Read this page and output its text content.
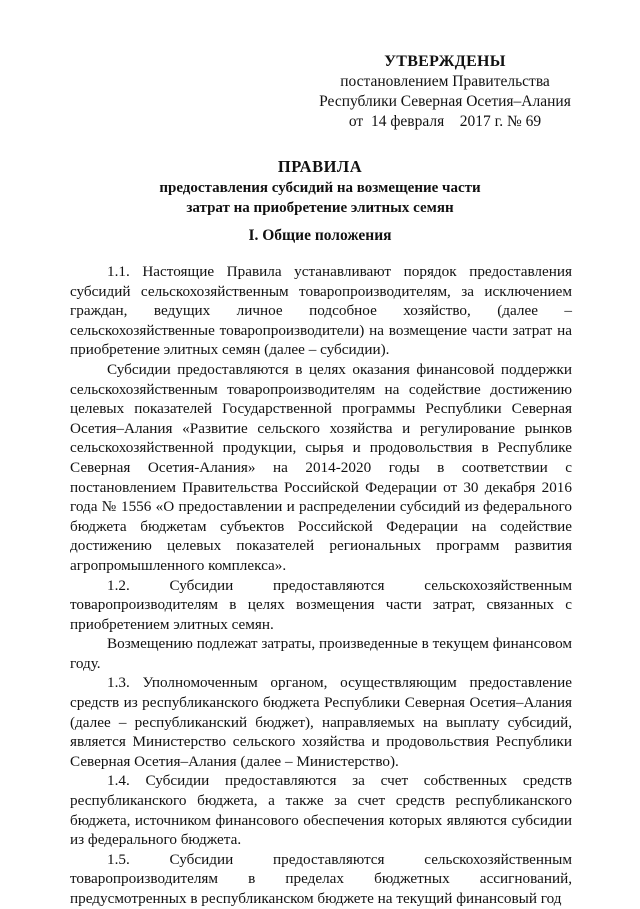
УТВЕРЖДЕНЫ
постановлением Правительства
Республики Северная Осетия–Алания
от  14 февраля    2017 г. № 69
ПРАВИЛА
предоставления субсидий на возмещение части
затрат на приобретение элитных семян
I. Общие положения

1.1. Настоящие Правила устанавливают порядок предоставления субсидий сельскохозяйственным товаропроизводителям, за исключением граждан, ведущих личное подсобное хозяйство, (далее – сельскохозяйственные товаропроизводители) на возмещение части затрат на приобретение элитных семян (далее – субсидии).

Субсидии предоставляются в целях оказания финансовой поддержки сельскохозяйственным товаропроизводителям на содействие достижению целевых показателей Государственной программы Республики Северная Осетия–Алания «Развитие сельского хозяйства и регулирование рынков сельскохозяйственной продукции, сырья и продовольствия в Республике Северная Осетия-Алания» на 2014-2020 годы в соответствии с постановлением Правительства Российской Федерации от 30 декабря 2016 года № 1556 «О предоставлении и распределении субсидий из федерального бюджета бюджетам субъектов Российской Федерации на содействие достижению целевых показателей региональных программ развития агропромышленного комплекса».

1.2. Субсидии предоставляются сельскохозяйственным товаропроизводителям в целях возмещения части затрат, связанных с приобретением элитных семян.

Возмещению подлежат затраты, произведенные в текущем финансовом году.

1.3. Уполномоченным органом, осуществляющим предоставление средств из республиканского бюджета Республики Северная Осетия–Алания (далее – республиканский бюджет), направляемых на выплату субсидий, является Министерство сельского хозяйства и продовольствия Республики Северная Осетия–Алания (далее – Министерство).

1.4. Субсидии предоставляются за счет собственных средств республиканского бюджета, а также за счет средств республиканского бюджета, источником финансового обеспечения которых являются субсидии из федерального бюджета.

1.5. Субсидии предоставляются сельскохозяйственным товаропроизводителям в пределах бюджетных ассигнований, предусмотренных в республиканском бюджете на текущий финансовый год
